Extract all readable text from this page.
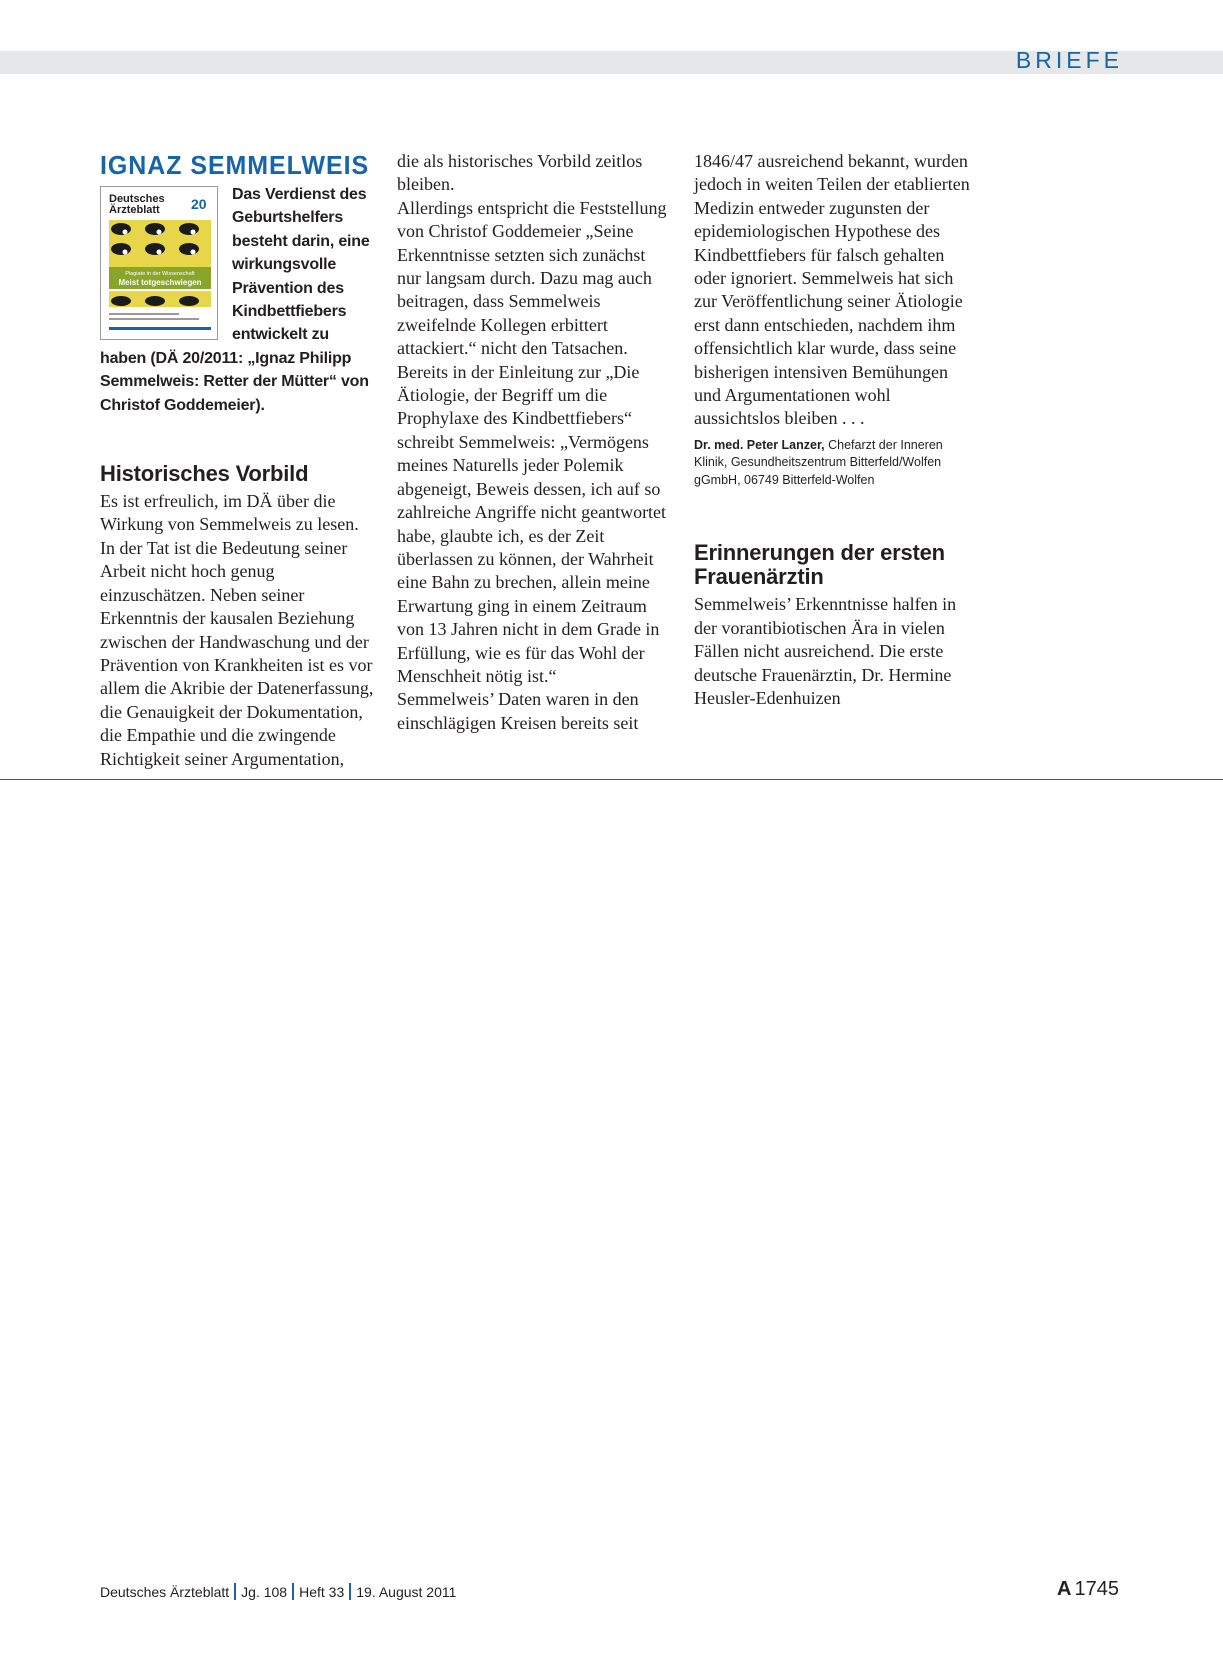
BRIEFE
IGNAZ SEMMELWEIS
Deutsches
Ärzteblatt 20
Plagiate in der Wissenschaft
Meist totgeschwiegen

Das Verdienst des Geburtshelfers besteht darin, eine wirkungsvolle Prävention des Kindbettfiebers entwickelt zu haben (DÄ 20/2011: „Ignaz Philipp Semmelweis: Retter der Mütter“ von Christof Goddemeier).

Historisches Vorbild

Es ist erfreulich, im DÄ über die Wirkung von Semmelweis zu lesen. In der Tat ist die Bedeutung seiner Arbeit nicht hoch genug einzuschätzen. Neben seiner Erkenntnis der kausalen Beziehung zwischen der Handwaschung und der Prävention von Krankheiten ist es vor allem die Akribie der Datenerfassung, die Genauigkeit der Dokumentation, die Empathie und die zwingende Richtigkeit seiner Argumentation,

die als historisches Vorbild zeitlos bleiben.

Allerdings entspricht die Feststellung von Christof Goddemeier „Seine Erkenntnisse setzten sich zunächst nur langsam durch. Dazu mag auch beitragen, dass Semmelweis zweifelnde Kollegen erbittert attackiert.“ nicht den Tatsachen.

Bereits in der Einleitung zur „Die Ätiologie, der Begriff um die Prophylaxe des Kindbettfiebers“ schreibt Semmelweis: „Vermögens meines Naturells jeder Polemik abgeneigt, Beweis dessen, ich auf so zahlreiche Angriffe nicht geantwortet habe, glaubte ich, es der Zeit überlassen zu können, der Wahrheit eine Bahn zu brechen, allein meine Erwartung ging in einem Zeitraum von 13 Jahren nicht in dem Grade in Erfüllung, wie es für das Wohl der Menschheit nötig ist.“

Semmelweis’ Daten waren in den einschlägigen Kreisen bereits seit

1846/47 ausreichend bekannt, wurden jedoch in weiten Teilen der etablierten Medizin entweder zugunsten der epidemiologischen Hypothese des Kindbettfiebers für falsch gehalten oder ignoriert. Semmelweis hat sich zur Veröffentlichung seiner Ätiologie erst dann entschieden, nachdem ihm offensichtlich klar wurde, dass seine bisherigen intensiven Bemühungen und Argumentationen wohl aussichtslos bleiben . . .

Dr. med. Peter Lanzer, Chefarzt der Inneren Klinik, Gesundheitszentrum Bitterfeld/Wolfen gGmbH, 06749 Bitterfeld-Wolfen
Erinnerungen der ersten Frauenärztin

Semmelweis’ Erkenntnisse halfen in der vorantibiotischen Ära in vielen Fällen nicht ausreichend. Die erste deutsche Frauenärztin, Dr. Hermine Heusler-Edenhuizen

Deutsches Ärzteblatt Jg. 108 Heft 33 19. August 2011	A 1745
